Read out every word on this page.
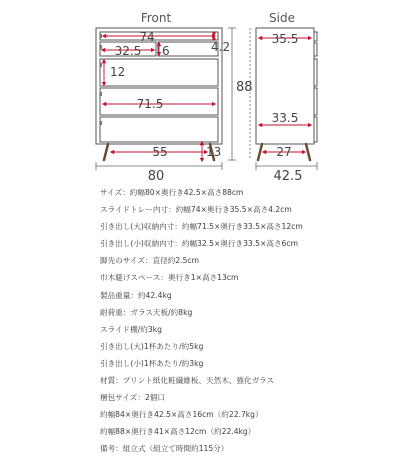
Front
74
4.2
32.5 6
12
71.5
55	13
80
88
Side
35.5
33.5
27
42.5
サイズ：約幅80×奥行き42.5×高さ88cm
スライドトレー内寸：約幅74×奥行き35.5×高さ4.2cm
引き出し(大)収納内寸：約幅71.5×奥行き33.5×高さ12cm
引き出し(小)収納内寸：約幅32.5×奥行き33.5×高さ6cm
脚先のサイズ：直径約2.5cm
巾木避けスペース：奥行き1×高さ13cm
製品重量：約42.4kg
耐荷重：ガラス天板/約8kg
スライド棚/約3kg
引き出し(大)1杯あたり/約5kg
引き出し(小)1杯あたり/約3kg
材質：プリント紙化粧繊維板、天然木、強化ガラス
梱包サイズ：2個口
約幅84×奥行き42.5×高さ16cm（約22.7kg）
約幅88×奥行き41×高さ12cm（約22.4kg）
備考：組立式（組立て時間約115分）
